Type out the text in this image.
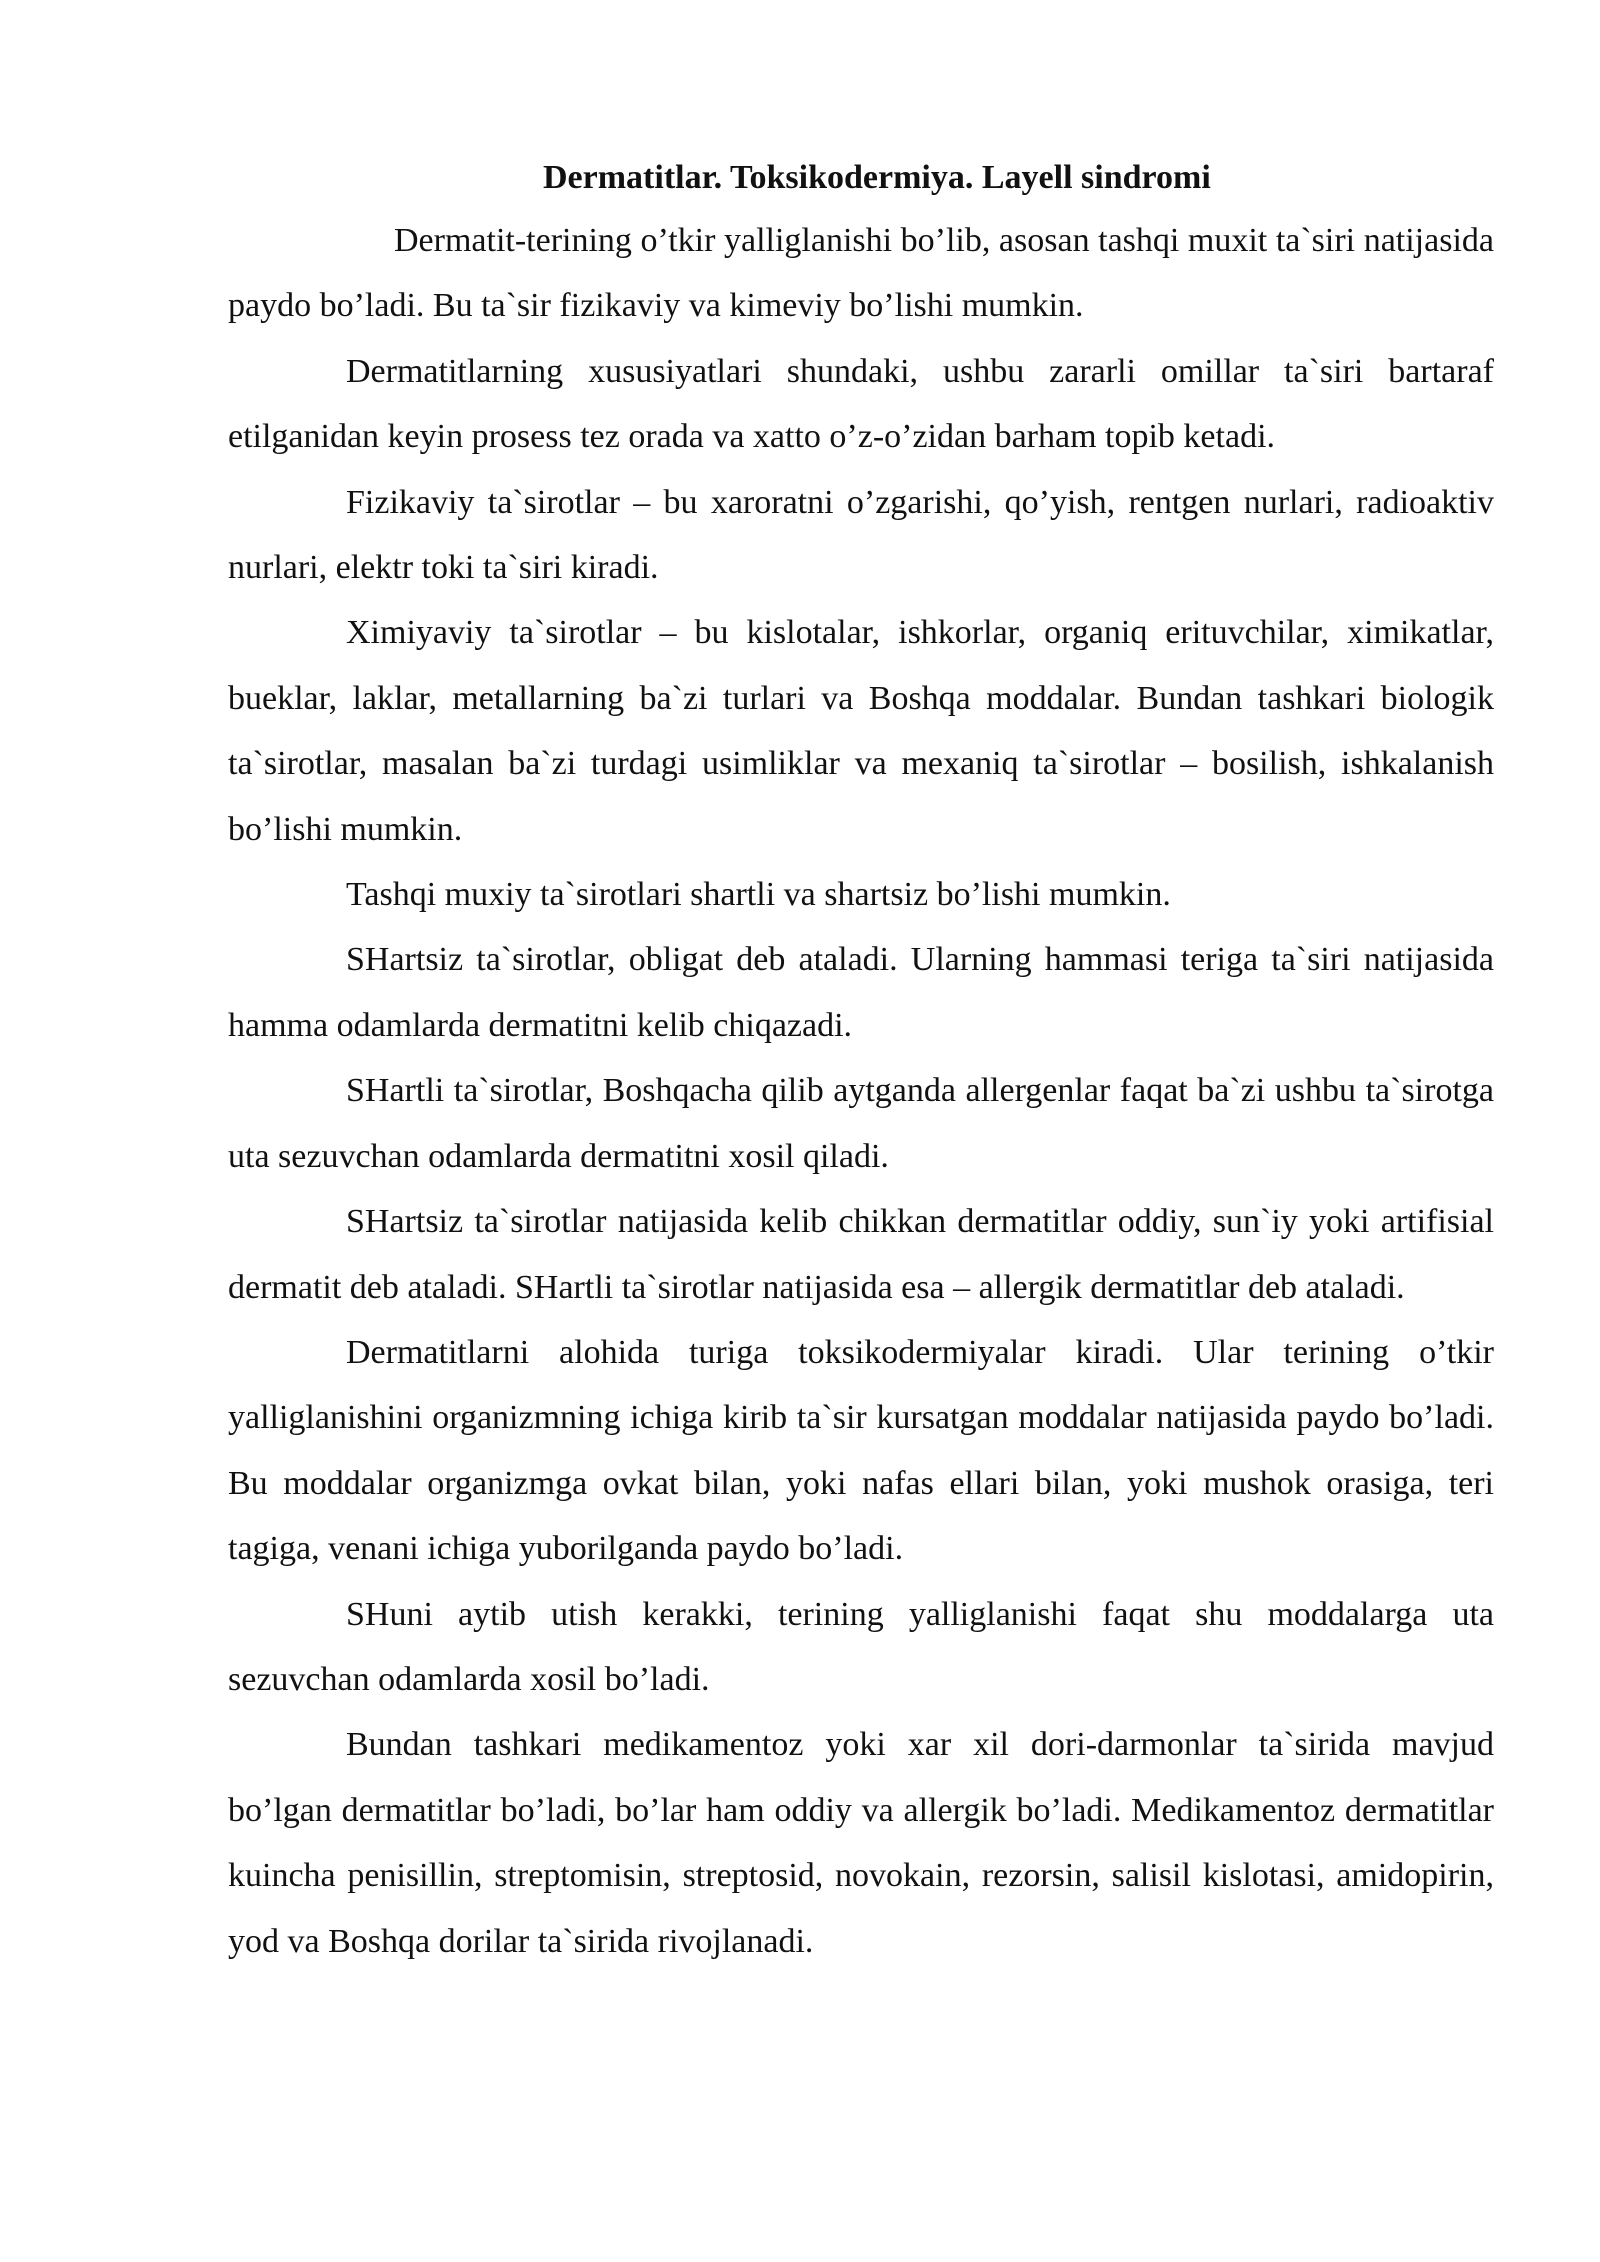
Dermatitlar. Toksikodermiya. Layell sindromi

Dermatit-terining o’tkir yalliglanishi bo’lib, asosan tashqi muxit ta`siri natijasida paydo bo’ladi. Bu ta`sir fizikaviy va kimeviy bo’lishi mumkin.

Dermatitlarning xususiyatlari shundaki, ushbu zararli omillar ta`siri bartaraf etilganidan keyin prosess tez orada va xatto o’z-o’zidan barham topib ketadi.

Fizikaviy ta`sirotlar – bu xaroratni o’zgarishi, qo’yish, rentgen nurlari, radioaktiv nurlari, elektr toki ta`siri kiradi.

Ximiyaviy ta`sirotlar – bu kislotalar, ishkorlar, organiq erituvchilar, ximikatlar, bueklar, laklar, metallarning ba`zi turlari va Boshqa moddalar. Bundan tashkari biologik ta`sirotlar, masalan ba`zi turdagi usimliklar va mexaniq ta`sirotlar – bosilish, ishkalanish bo’lishi mumkin.

Tashqi muxiy ta`sirotlari shartli va shartsiz bo’lishi mumkin.

SHartsiz ta`sirotlar, obligat deb ataladi. Ularning hammasi teriga ta`siri natijasida hamma odamlarda dermatitni kelib chiqazadi.

SHartli ta`sirotlar, Boshqacha qilib aytganda allergenlar faqat ba`zi ushbu ta`sirotga uta sezuvchan odamlarda dermatitni xosil qiladi.

SHartsiz ta`sirotlar natijasida kelib chikkan dermatitlar oddiy, sun`iy yoki artifisial dermatit deb ataladi. SHartli ta`sirotlar natijasida esa – allergik dermatitlar deb ataladi.

Dermatitlarni alohida turiga toksikodermiyalar kiradi. Ular terining o’tkir yalliglanishini organizmning ichiga kirib ta`sir kursatgan moddalar natijasida paydo bo’ladi. Bu moddalar organizmga ovkat bilan, yoki nafas ellari bilan, yoki mushok orasiga, teri tagiga, venani ichiga yuborilganda paydo bo’ladi.

SHuni aytib utish kerakki, terining yalliglanishi faqat shu moddalarga uta sezuvchan odamlarda xosil bo’ladi.

Bundan tashkari medikamentoz yoki xar xil dori-darmonlar ta`sirida mavjud bo’lgan dermatitlar bo’ladi, bo’lar ham oddiy va allergik bo’ladi. Medikamentoz dermatitlar kuincha penisillin, streptomisin, streptosid, novokain, rezorsin, salisil kislotasi, amidopirin, yod va Boshqa dorilar ta`sirida rivojlanadi.
